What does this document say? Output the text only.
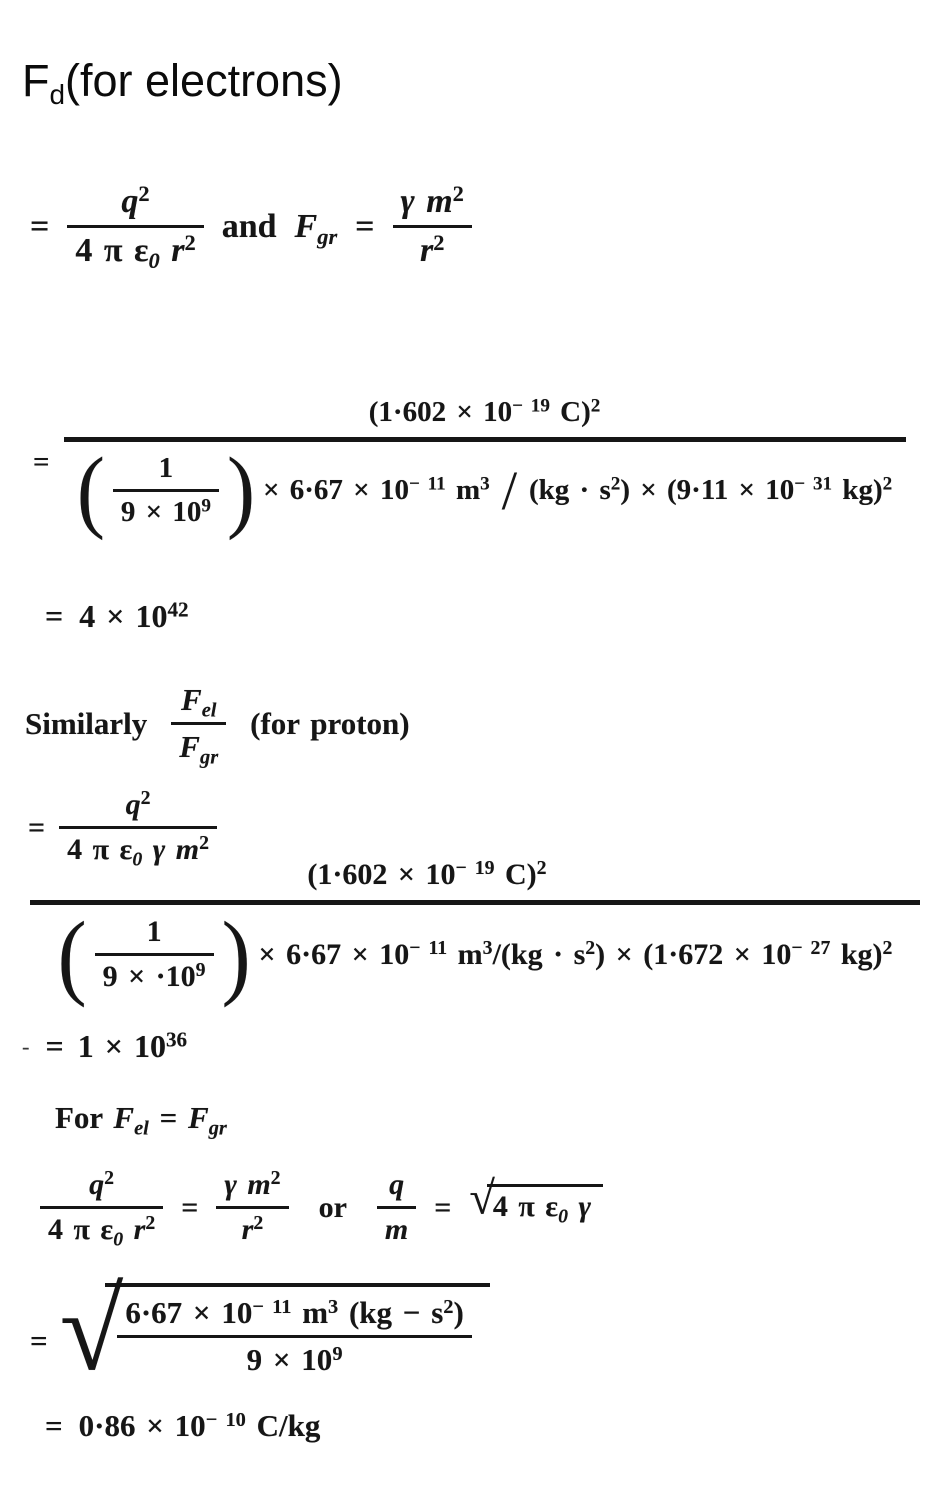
$F_d(for$ electrons)
= $\frac{q^2}{4 \pi \varepsilon_0 r^2}$ and $F_{gr} = \frac{\gamma m^2}{r^2}$
=
($1\cdot 602 \times 10^{- 19}$ C)$^2$
( $\frac{1}{9 \times 10^9}$ ) × $6\cdot 67 \times 10^{- 11}$ $m^3 / (kg \cdot s^2) \times (9\cdot 11 \times 10^{- 31}$ kg)$^2$
= $4 \times 10^{42}$
Similarly $\frac{F_{el}}{F_{gr}} (for$ proton)
= $\frac{q^2}{4 \pi \varepsilon_0 \gamma m^2}$
($1\cdot 602 \times 10^{- 19}$ C)$^2$
( $\frac{1}{9 \times \cdot 10^9}$ ) × $6\cdot 67 \times 10^{- 11}$ $m^3/(kg \cdot s^2) \times (1\cdot 672 \times 10^{- 27}$ kg)$^2$
- = $1 \times 10^{36}$
For $F_{el} = F_{gr}$
$\frac{q^2}{4 \pi \varepsilon_0 r^2} = \frac{\gamma m^2}{r^2}$ or $\frac{q}{m}$ = √
4 π $\varepsilon_0$ γ
= √
$\frac{6\cdot 67 \times 10^{- 11} m^3 (kg - s^2)}{9 \times 10^9}$
= $0\cdot 86 \times 10^{- 10}$ C/kg
